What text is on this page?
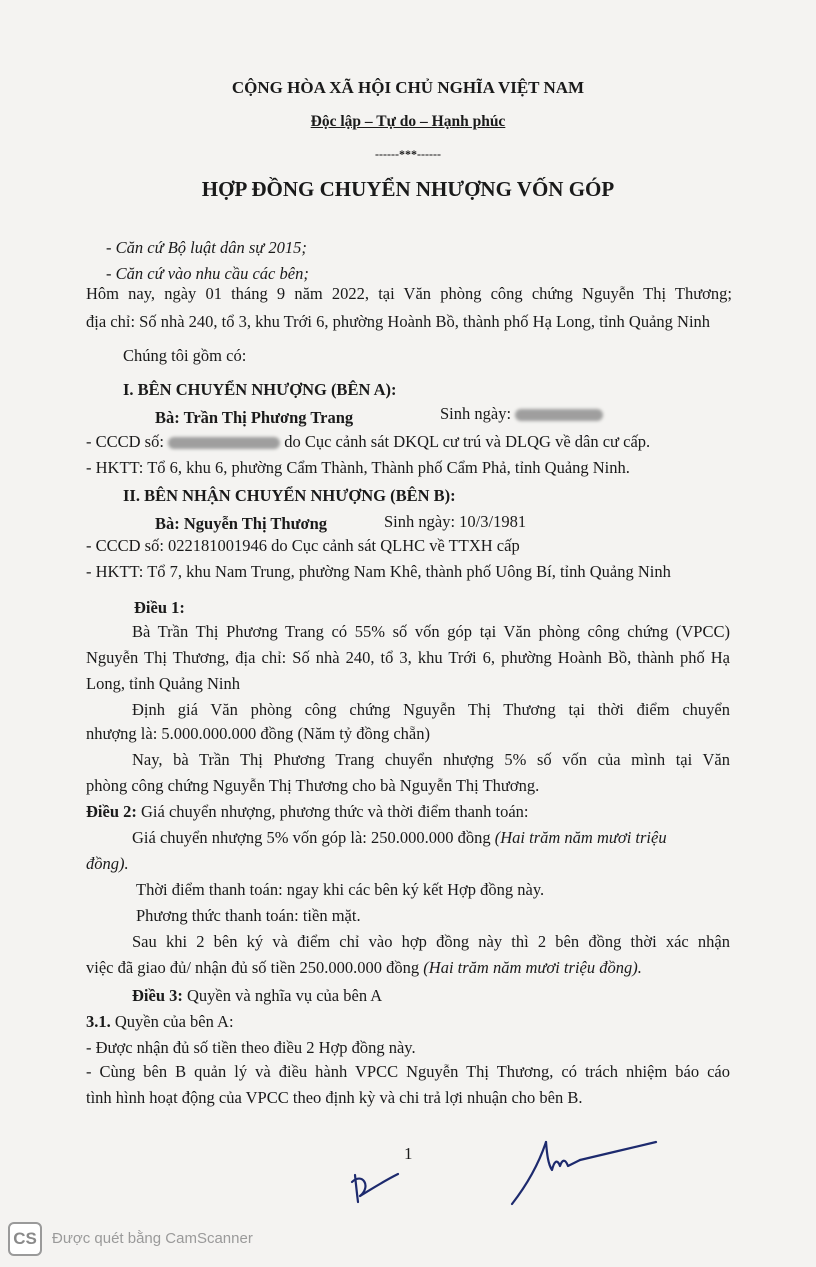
CỘNG HÒA XÃ HỘI CHỦ NGHĨA VIỆT NAM
Độc lập – Tự do – Hạnh phúc
------***------
HỢP ĐỒNG CHUYỂN NHƯỢNG VỐN GÓP
- Căn cứ Bộ luật dân sự 2015;
- Căn cứ vào nhu cầu các bên;
Hôm nay, ngày 01 tháng 9 năm 2022, tại Văn phòng công chứng Nguyễn Thị Thương;
địa chỉ: Số nhà 240, tổ 3, khu Trới 6, phường Hoành Bồ, thành phố Hạ Long, tỉnh Quảng Ninh
Chúng tôi gồm có:
I. BÊN CHUYỂN NHƯỢNG (BÊN A):
Bà: Trần Thị Phương Trang	Sinh ngày:
- CCCD số:	do Cục cảnh sát DKQL cư trú và DLQG về dân cư cấp.
- HKTT: Tổ 6, khu 6, phường Cẩm Thành, Thành phố Cẩm Phả, tỉnh Quảng Ninh.
II. BÊN NHẬN CHUYỂN NHƯỢNG (BÊN B):
Bà: Nguyễn Thị Thương	Sinh ngày: 10/3/1981
- CCCD số: 022181001946 do Cục cảnh sát QLHC về TTXH cấp
- HKTT: Tổ 7, khu Nam Trung, phường Nam Khê, thành phố Uông Bí, tỉnh Quảng Ninh
Điều 1:
Bà Trần Thị Phương Trang có 55% số vốn góp tại Văn phòng công chứng (VPCC)
Nguyễn Thị Thương, địa chỉ: Số nhà 240, tổ 3, khu Trới 6, phường Hoành Bồ, thành phố Hạ
Long, tỉnh Quảng Ninh
Định giá Văn phòng công chứng Nguyễn Thị Thương tại thời điểm chuyển
nhượng là: 5.000.000.000 đồng (Năm tỷ đồng chẵn)
Nay, bà Trần Thị Phương Trang chuyển nhượng 5% số vốn của mình tại Văn
phòng công chứng Nguyễn Thị Thương cho bà Nguyễn Thị Thương.
Điều 2: Giá chuyển nhượng, phương thức và thời điểm thanh toán:
Giá chuyển nhượng 5% vốn góp là: 250.000.000 đồng (Hai trăm năm mươi triệu
đồng).
Thời điểm thanh toán: ngay khi các bên ký kết Hợp đồng này.
Phương thức thanh toán: tiền mặt.
Sau khi 2 bên ký và điểm chỉ vào hợp đồng này thì 2 bên đồng thời xác nhận
việc đã giao đủ/ nhận đủ số tiền 250.000.000 đồng (Hai trăm năm mươi triệu đồng).
Điều 3: Quyền và nghĩa vụ của bên A
3.1. Quyền của bên A:
- Được nhận đủ số tiền theo điều 2 Hợp đồng này.
- Cùng bên B quản lý và điều hành VPCC Nguyễn Thị Thương, có trách nhiệm báo cáo
tình hình hoạt động của VPCC theo định kỳ và chi trả lợi nhuận cho bên B.
1
CS	Được quét bằng CamScanner
